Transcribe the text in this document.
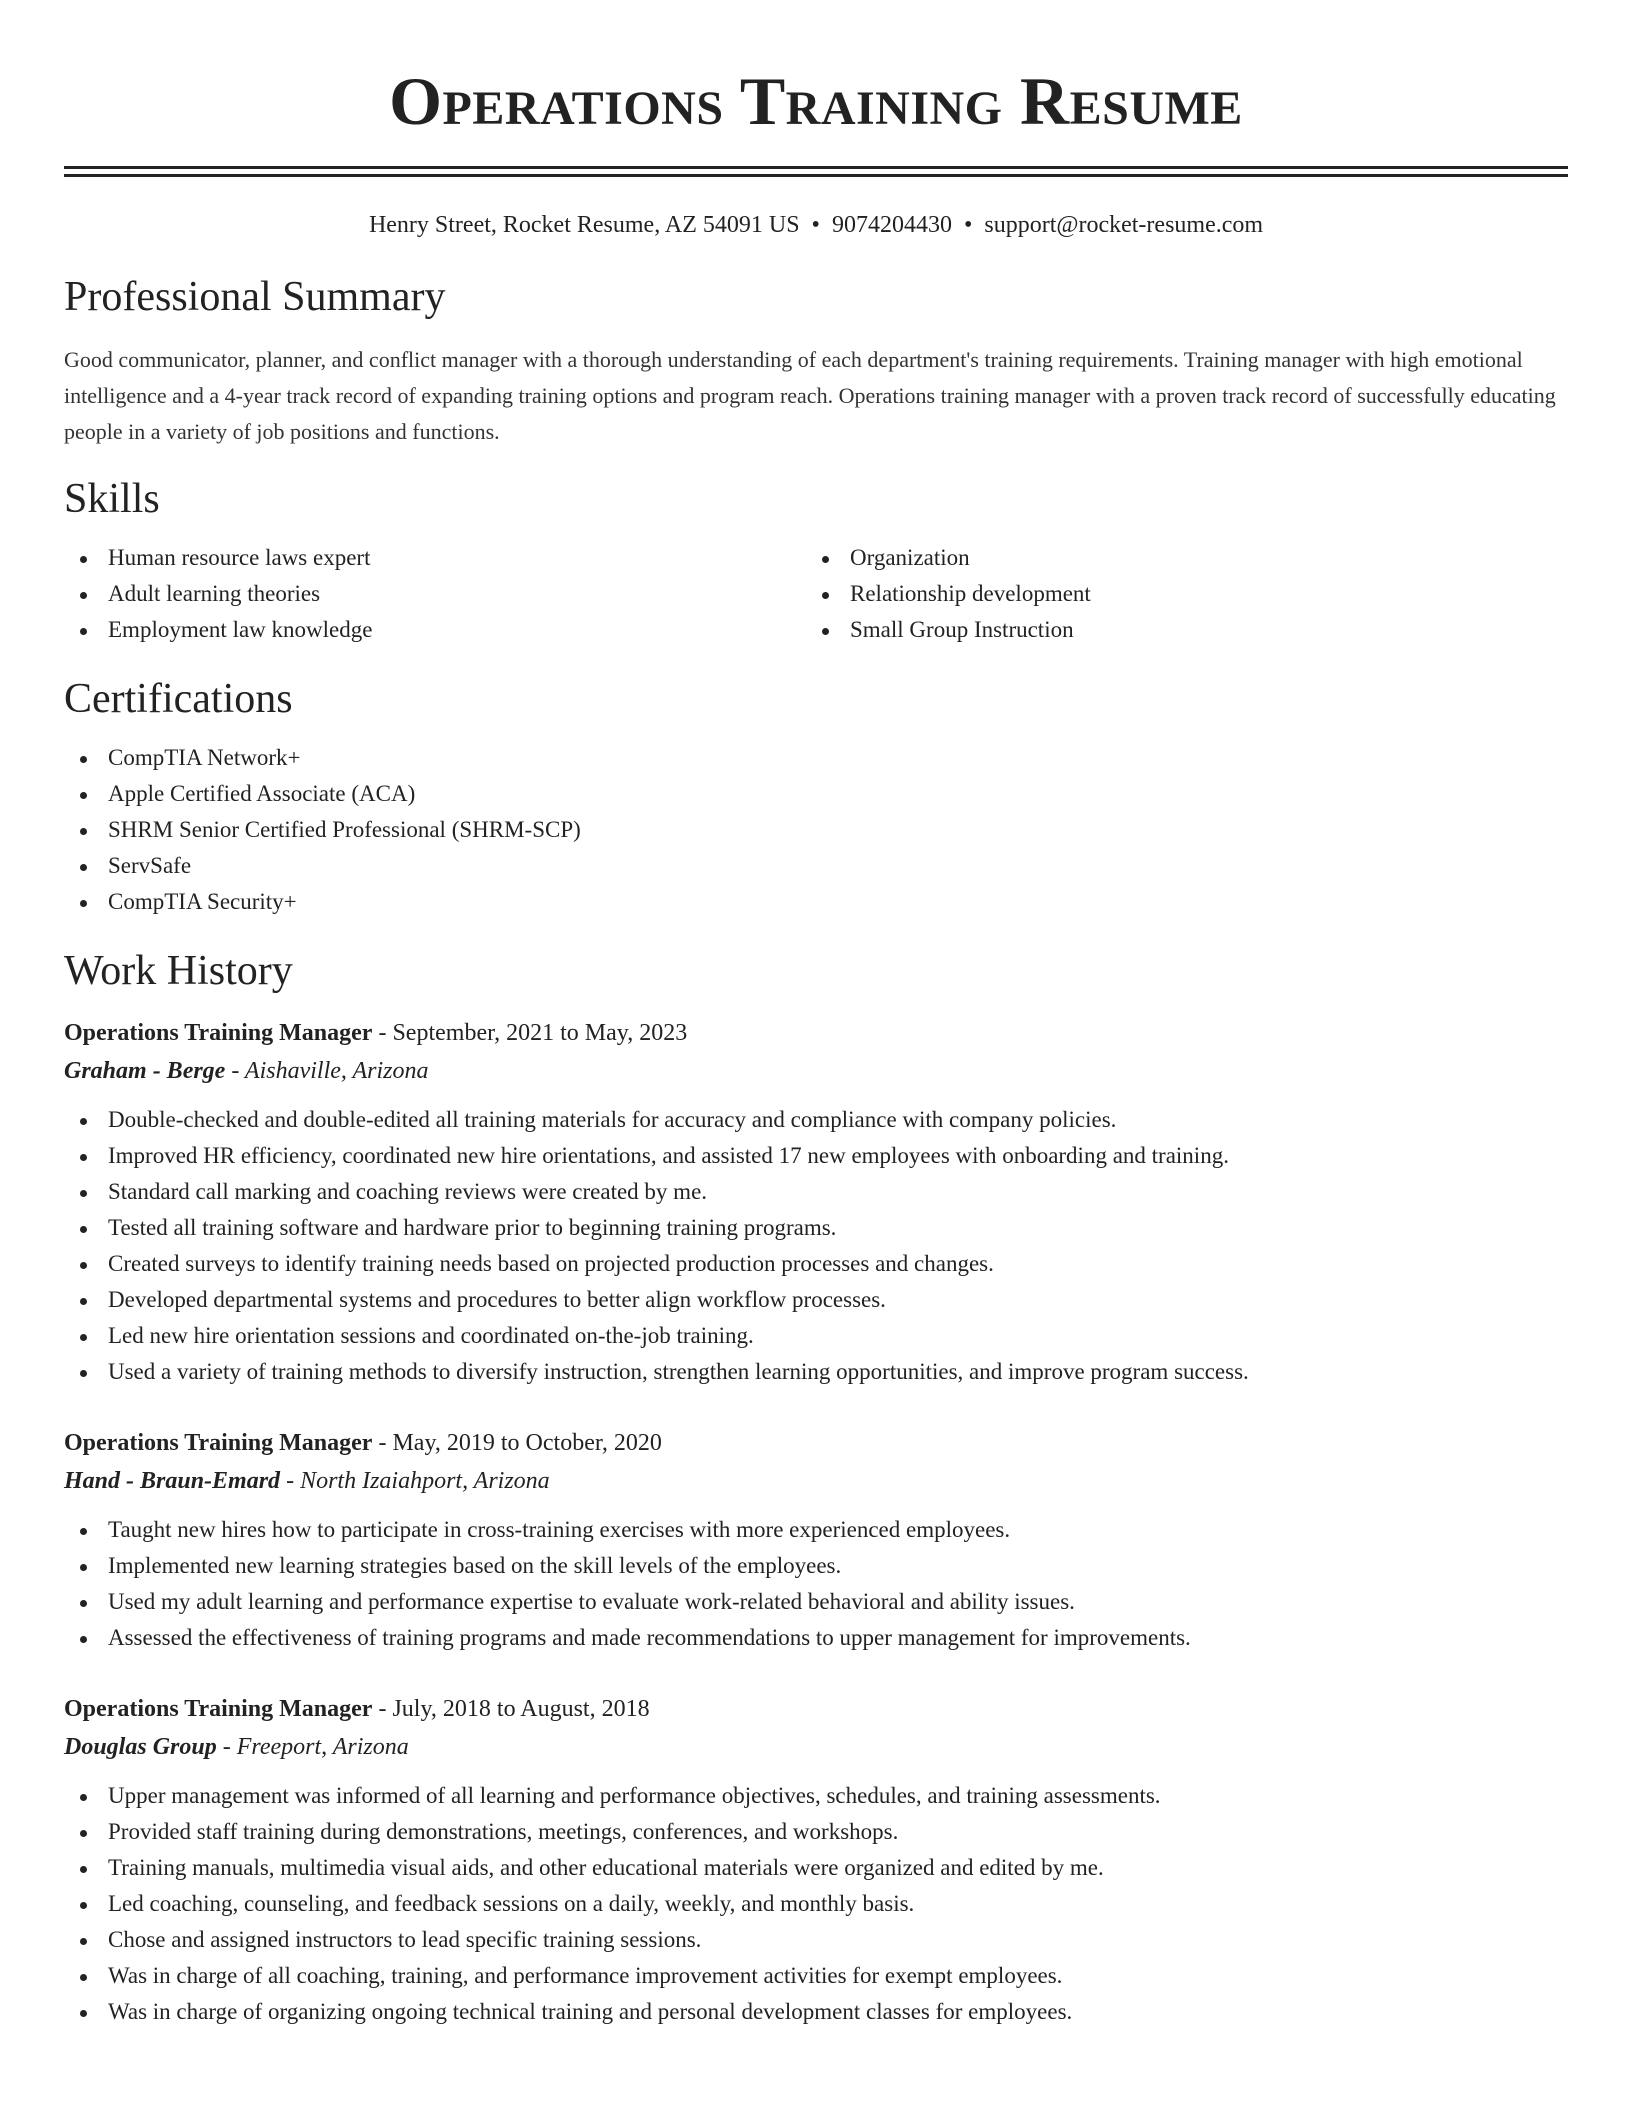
Operations Training Resume
Henry Street, Rocket Resume, AZ 54091 US • 9074204430 • support@rocket-resume.com
Professional Summary

Good communicator, planner, and conflict manager with a thorough understanding of each department's training requirements. Training manager with high emotional intelligence and a 4-year track record of expanding training options and program reach. Operations training manager with a proven track record of successfully educating people in a variety of job positions and functions.

Skills
Human resource laws expert
Adult learning theories
Employment law knowledge
Organization
Relationship development
Small Group Instruction
Certifications
CompTIA Network+
Apple Certified Associate (ACA)
SHRM Senior Certified Professional (SHRM-SCP)
ServSafe
CompTIA Security+
Work History
Operations Training Manager - September, 2021 to May, 2023
Graham - Berge - Aishaville, Arizona
Double-checked and double-edited all training materials for accuracy and compliance with company policies.
Improved HR efficiency, coordinated new hire orientations, and assisted 17 new employees with onboarding and training.
Standard call marking and coaching reviews were created by me.
Tested all training software and hardware prior to beginning training programs.
Created surveys to identify training needs based on projected production processes and changes.
Developed departmental systems and procedures to better align workflow processes.
Led new hire orientation sessions and coordinated on-the-job training.
Used a variety of training methods to diversify instruction, strengthen learning opportunities, and improve program success.
Operations Training Manager - May, 2019 to October, 2020
Hand - Braun-Emard - North Izaiahport, Arizona
Taught new hires how to participate in cross-training exercises with more experienced employees.
Implemented new learning strategies based on the skill levels of the employees.
Used my adult learning and performance expertise to evaluate work-related behavioral and ability issues.
Assessed the effectiveness of training programs and made recommendations to upper management for improvements.
Operations Training Manager - July, 2018 to August, 2018
Douglas Group - Freeport, Arizona
Upper management was informed of all learning and performance objectives, schedules, and training assessments.
Provided staff training during demonstrations, meetings, conferences, and workshops.
Training manuals, multimedia visual aids, and other educational materials were organized and edited by me.
Led coaching, counseling, and feedback sessions on a daily, weekly, and monthly basis.
Chose and assigned instructors to lead specific training sessions.
Was in charge of all coaching, training, and performance improvement activities for exempt employees.
Was in charge of organizing ongoing technical training and personal development classes for employees.
